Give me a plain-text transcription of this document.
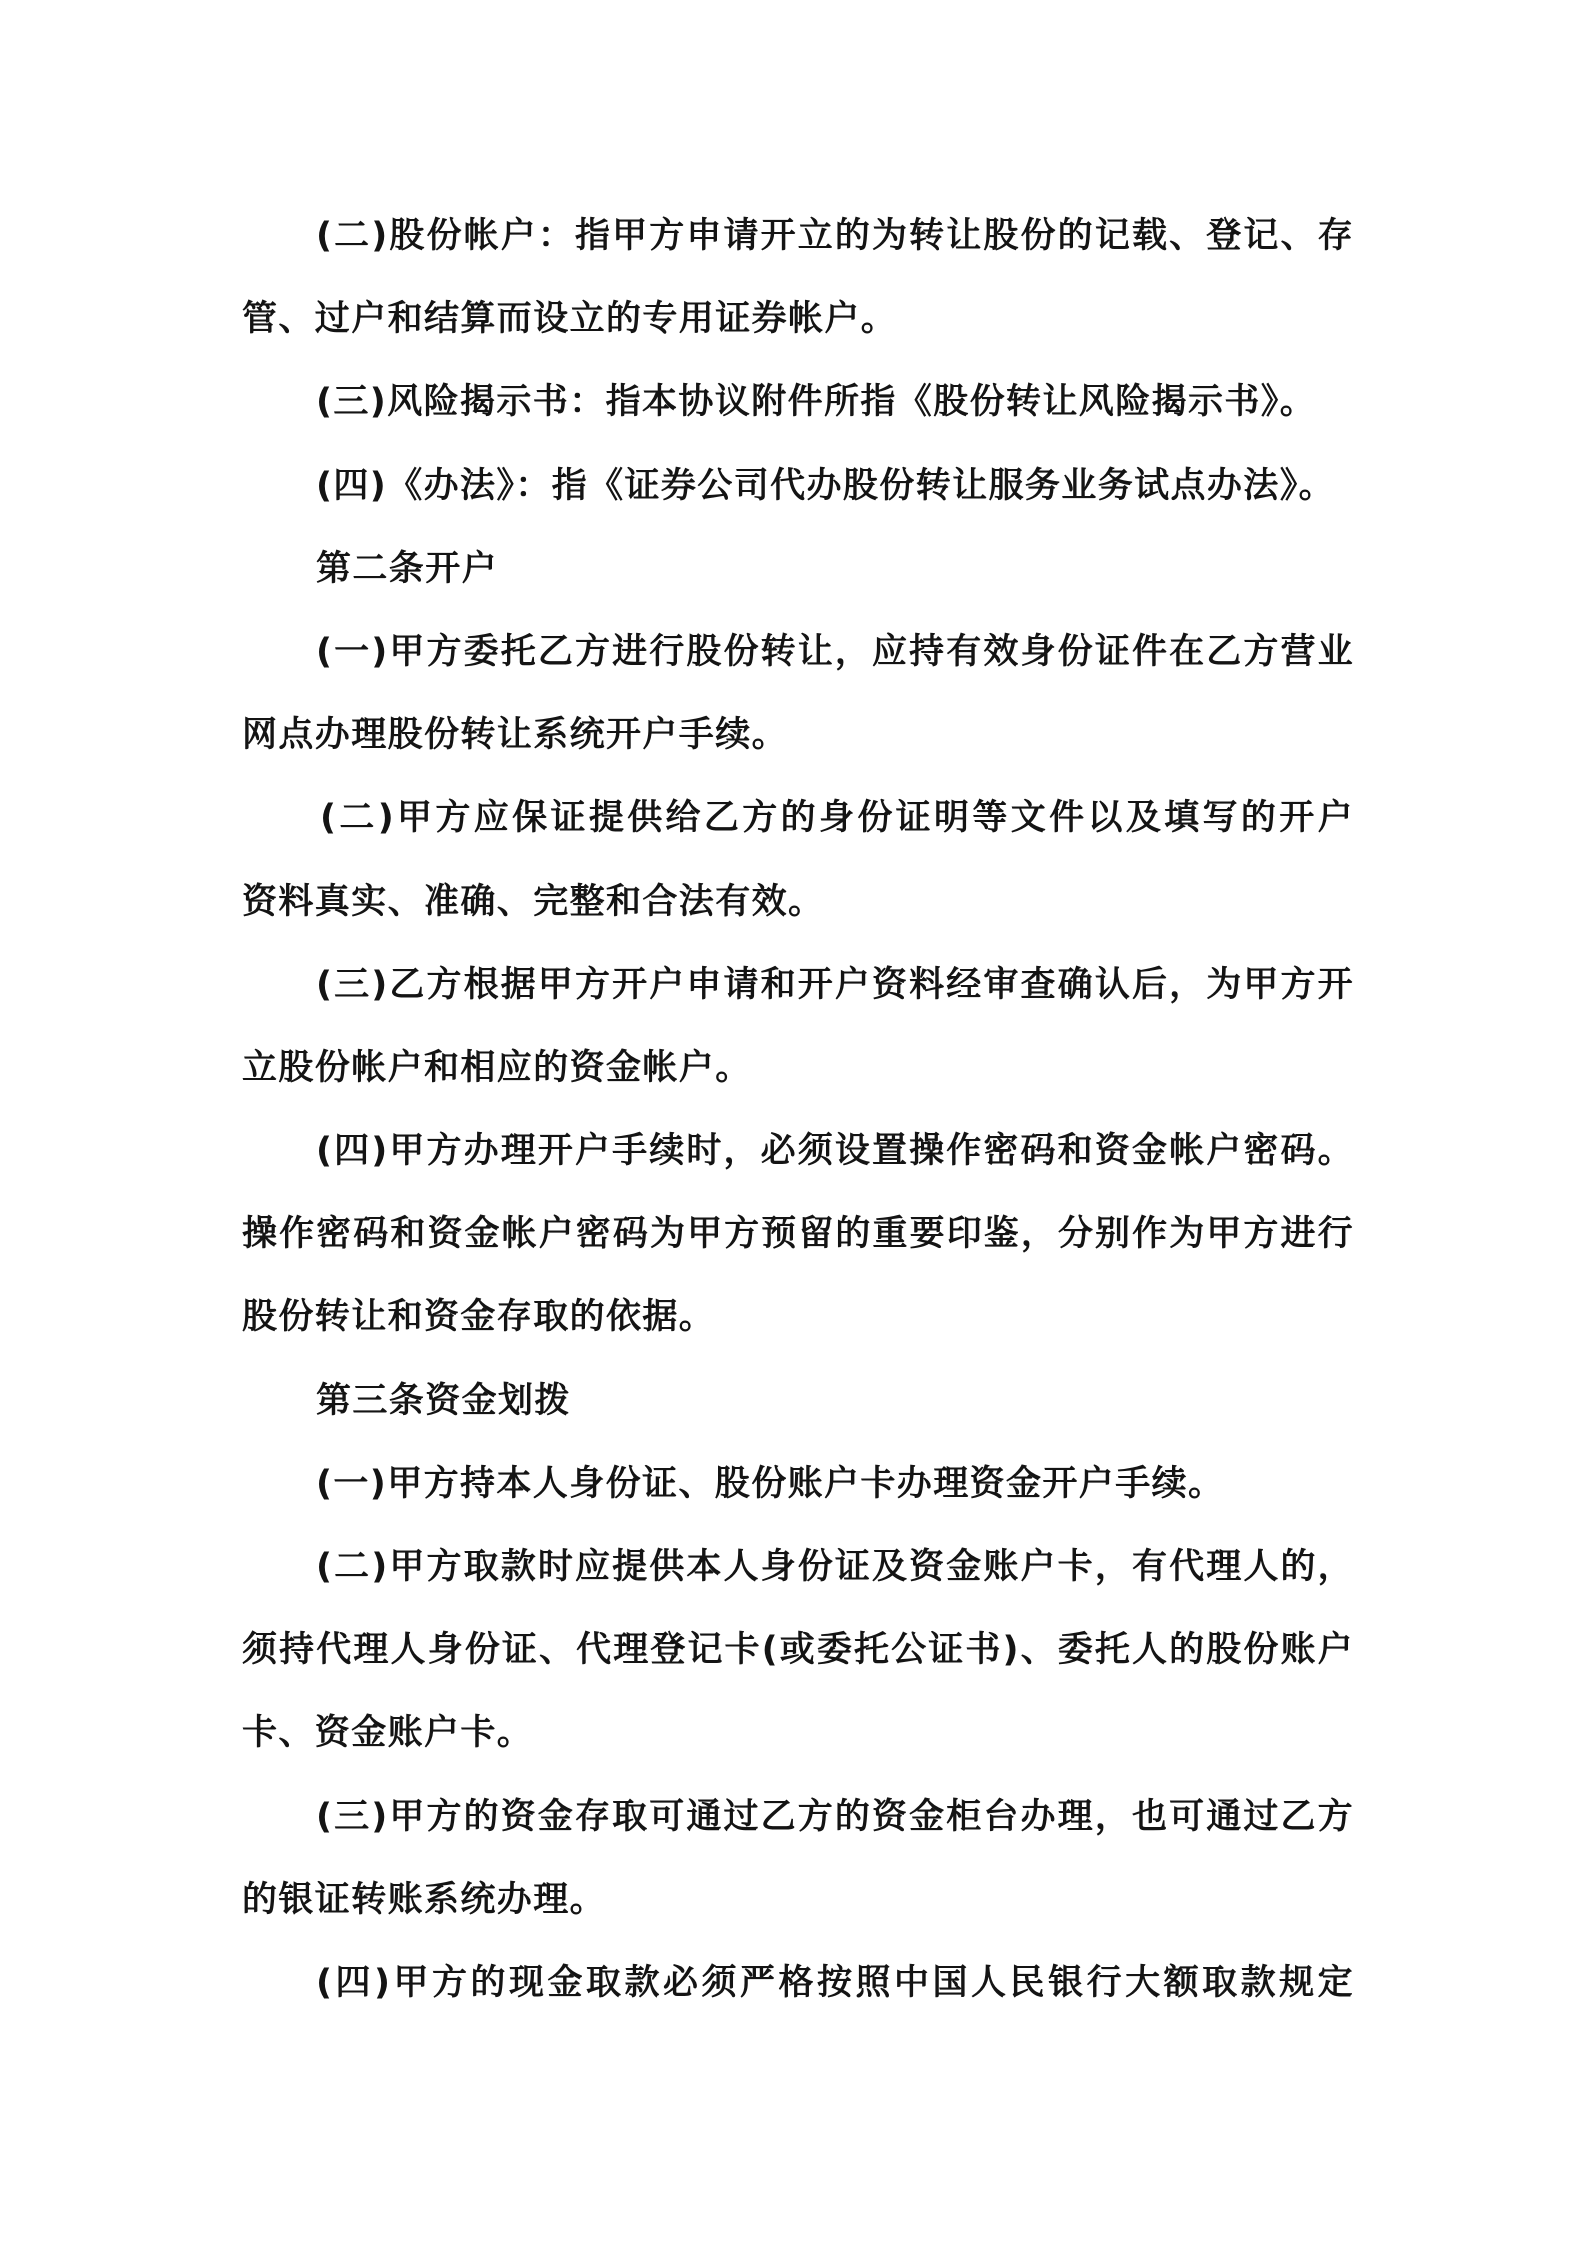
(二)股份帐户：指甲方申请开立的为转让股份的记载、登记、存
管、过户和结算而设立的专用证券帐户。
(三)风险揭示书：指本协议附件所指《股份转让风险揭示书》。
(四)《办法》：指《证券公司代办股份转让服务业务试点办法》。
第二条开户
(一)甲方委托乙方进行股份转让，应持有效身份证件在乙方营业
网点办理股份转让系统开户手续。
(二)甲方应保证提供给乙方的身份证明等文件以及填写的开户
资料真实、准确、完整和合法有效。
(三)乙方根据甲方开户申请和开户资料经审查确认后，为甲方开
立股份帐户和相应的资金帐户。
(四)甲方办理开户手续时，必须设置操作密码和资金帐户密码。
操作密码和资金帐户密码为甲方预留的重要印鉴，分别作为甲方进行
股份转让和资金存取的依据。
第三条资金划拨
(一)甲方持本人身份证、股份账户卡办理资金开户手续。
(二)甲方取款时应提供本人身份证及资金账户卡，有代理人的，
须持代理人身份证、代理登记卡(或委托公证书)、委托人的股份账户
卡、资金账户卡。
(三)甲方的资金存取可通过乙方的资金柜台办理，也可通过乙方
的银证转账系统办理。
(四)甲方的现金取款必须严格按照中国人民银行大额取款规定
